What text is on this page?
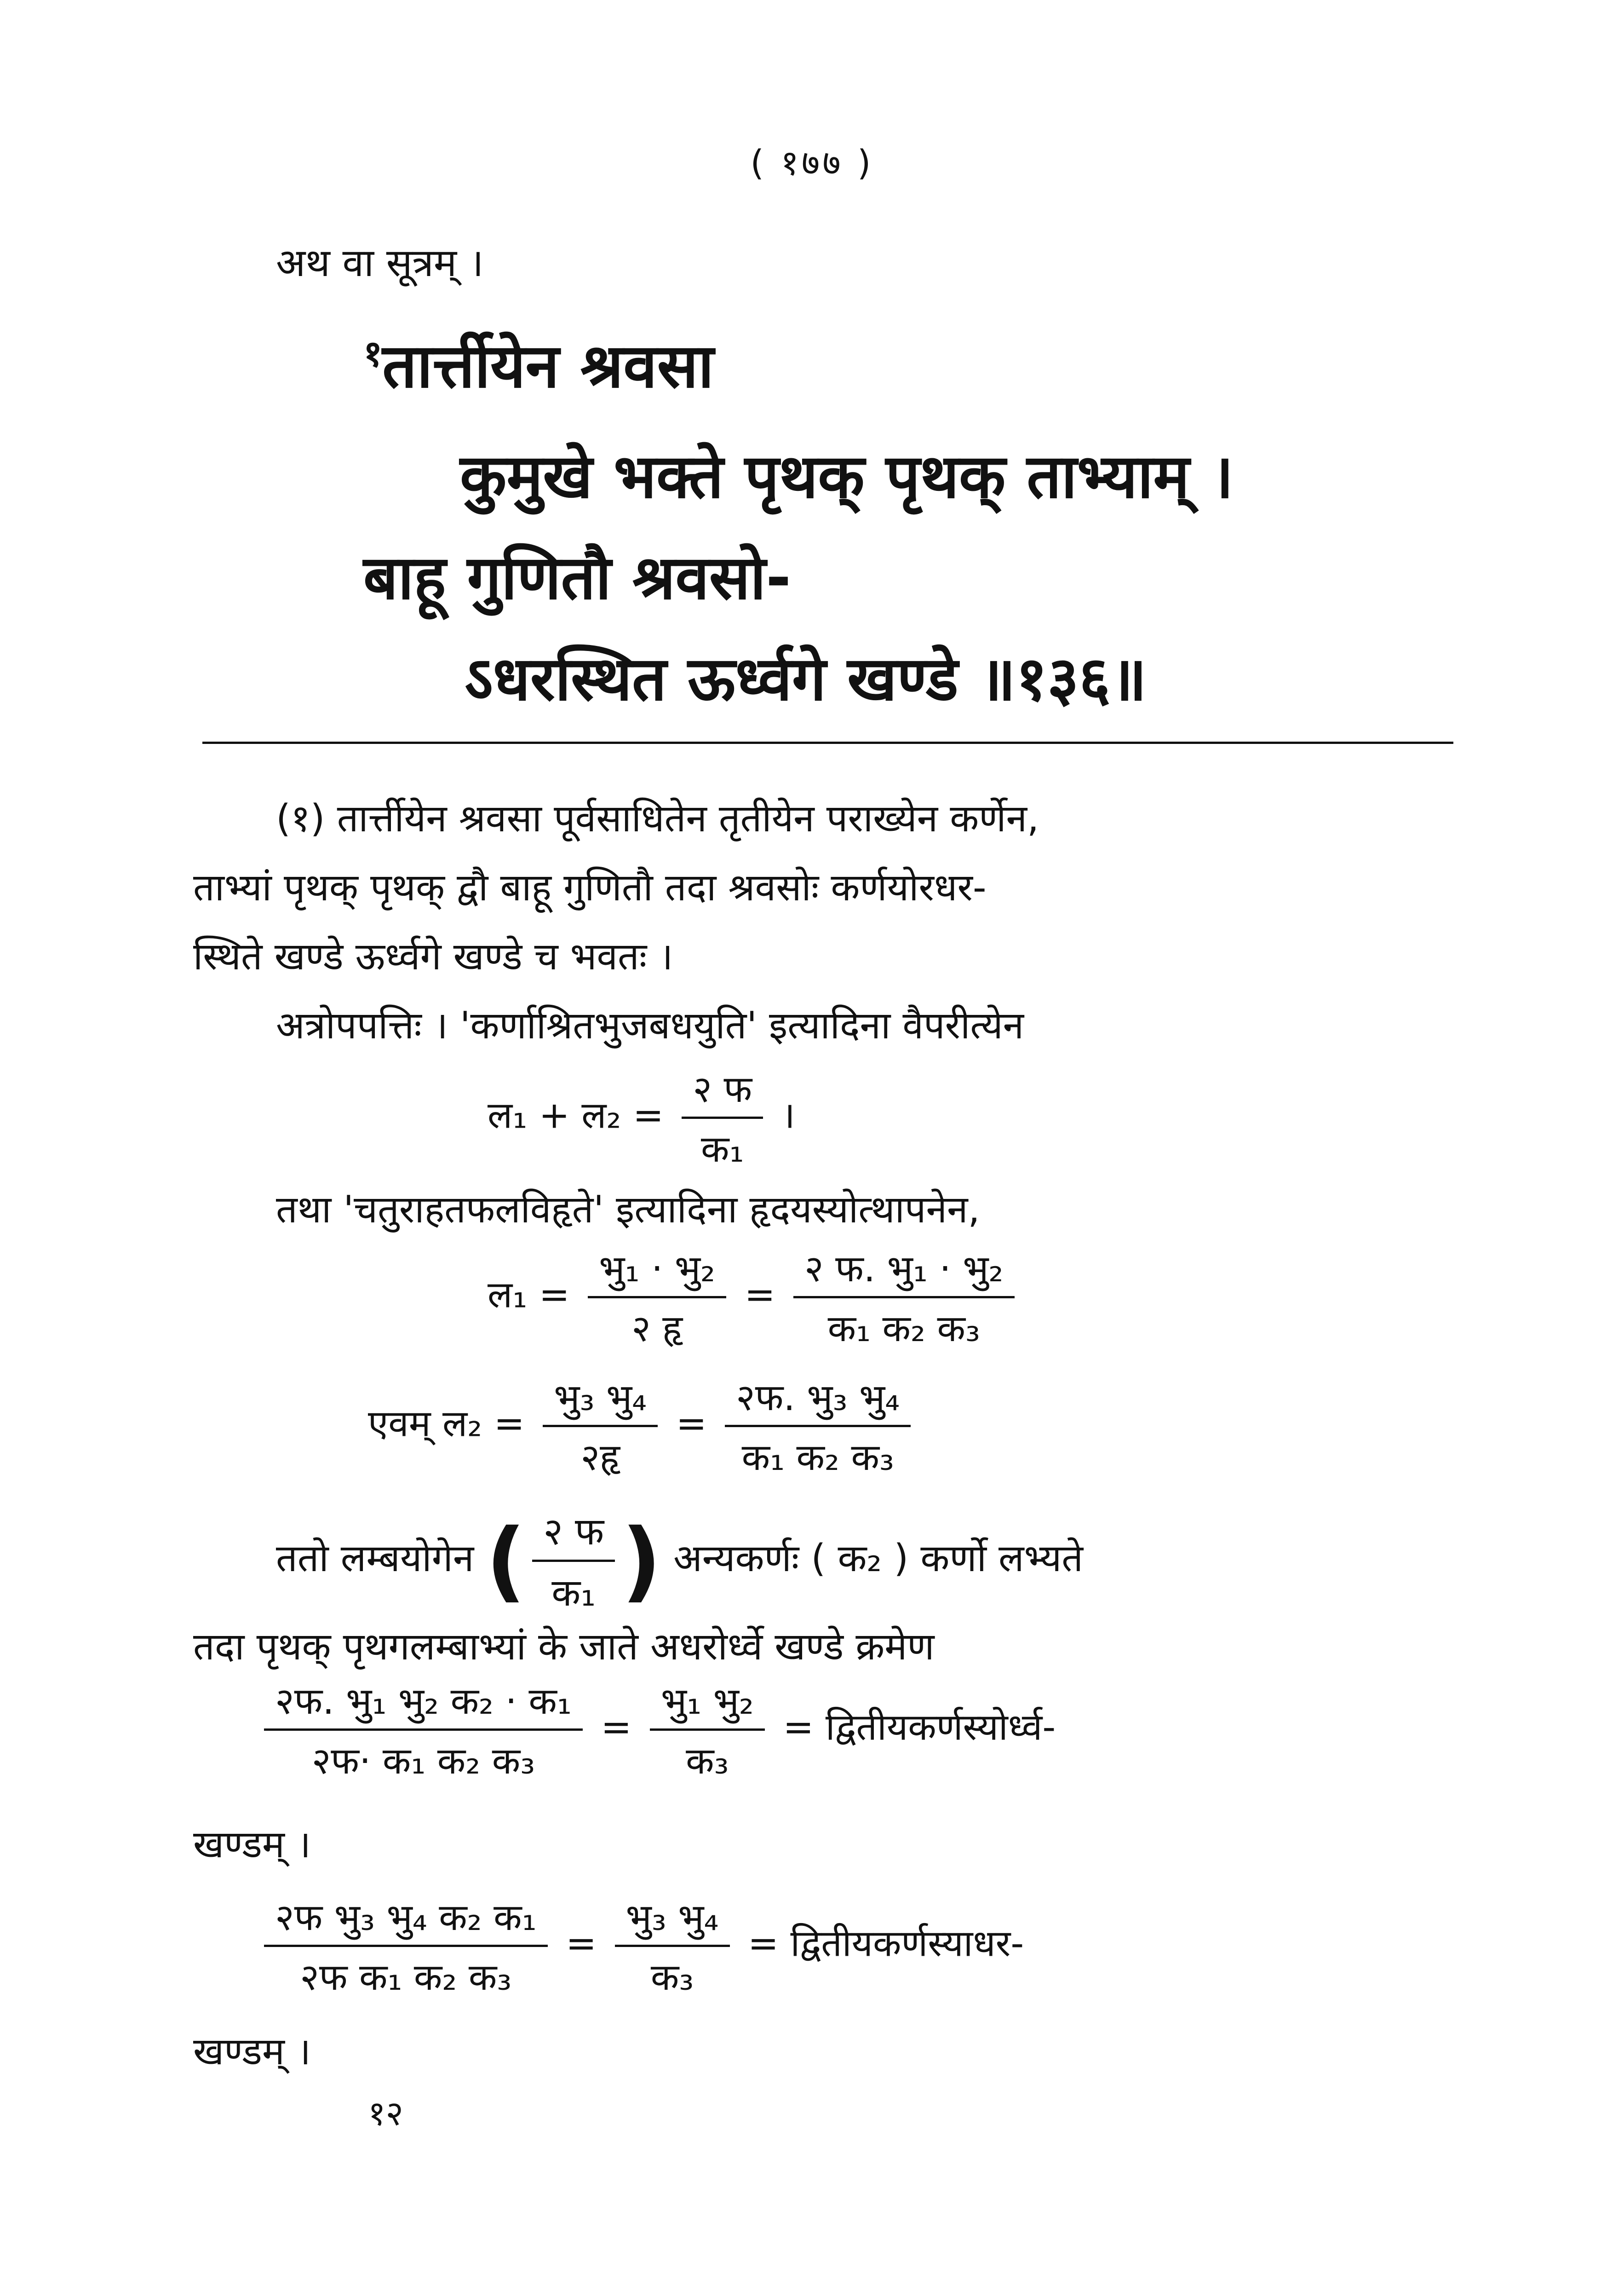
( १७७ )
अथ वा सूत्रम् ।
$^१$तार्त्तीयेन श्रवसा
कुमुखे भक्ते पृथक् पृथक् ताभ्याम् ।
बाहू गुणितौ श्रवसो-
ऽधरस्थित ऊर्ध्वगे खण्डे ॥१३६॥
(१) तार्त्तीयेन श्रवसा पूर्वसाधितेन तृतीयेन पराख्येन कर्णेन,
ताभ्यां पृथक् पृथक् द्वौ बाहू गुणितौ तदा श्रवसोः कर्णयोरधर-
स्थिते खण्डे ऊर्ध्वगे खण्डे च भवतः ।
अत्रोपपत्तिः । 'कर्णाश्रितभुजबधयुति' इत्यादिना वैपरीत्येन
ल₁ + ल₂ = $\frac{\text{२ फ}}{\text{क₁}}$ ।
तथा 'चतुराहतफलविहृते' इत्यादिना हृदयस्योत्थापनेन,
ल₁ = $\frac{\text{भु₁ · भु₂}}{\text{२ हृ}} = \frac{\text{२ फ. भु₁ · भु₂}}{\text{क₁ क₂ क₃}}$
एवम् ल₂ = $\frac{\text{भु₃ भु₄}}{\text{२हृ}} = \frac{\text{२फ. भु₃ भु₄}}{\text{क₁ क₂ क₃}}$
ततो लम्बयोगेन ( $\frac{\text{२ फ}}{\text{क₁}}$ ) अन्यकर्णः ( क₂ ) कर्णो लभ्यते
तदा पृथक् पृथगलम्बाभ्यां के जाते अधरोर्ध्वे खण्डे क्रमेण
$\frac{\text{२फ. भु₁ भु₂ क₂ · क₁}}{\text{२फ· क₁ क₂ क₃}} = \frac{\text{भु₁ भु₂}}{\text{क₃}}$ = द्वितीयकर्णस्योर्ध्व-
खण्डम् ।
$\frac{\text{२फ भु₃ भु₄ क₂ क₁}}{\text{२फ क₁ क₂ क₃}} = \frac{\text{भु₃ भु₄}}{\text{क₃}}$ = द्वितीयकर्णस्याधर-
खण्डम् ।
१२
